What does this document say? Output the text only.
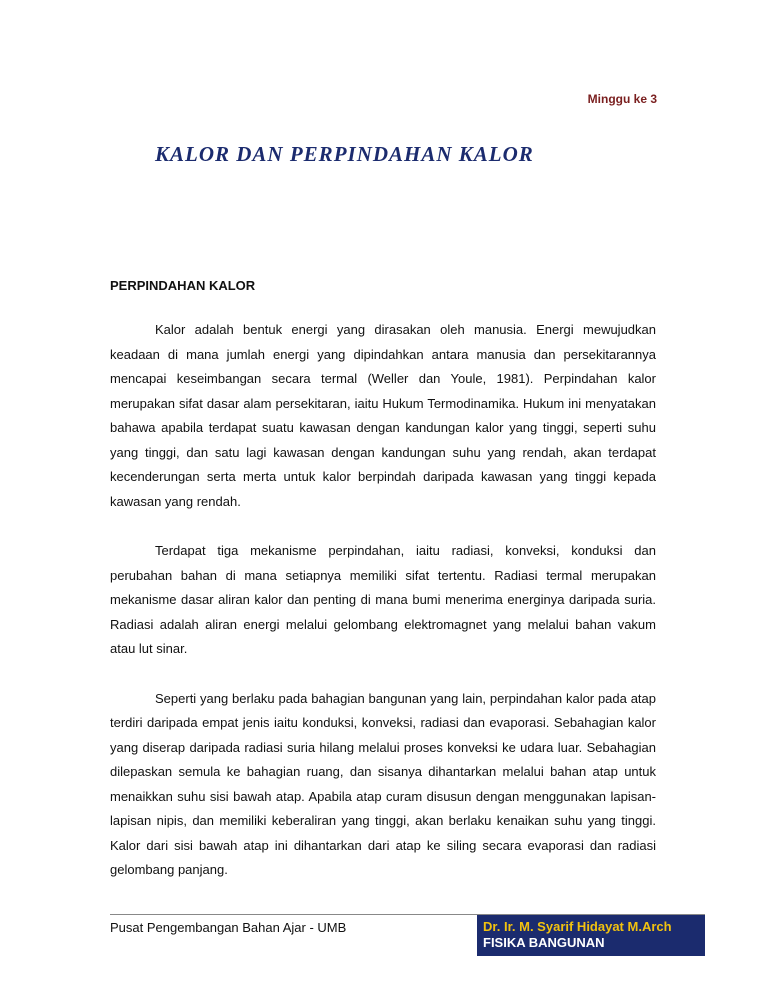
Minggu ke 3

KALOR DAN PERPINDAHAN KALOR
PERPINDAHAN KALOR

Kalor adalah bentuk energi yang dirasakan oleh manusia. Energi mewujudkan keadaan di mana jumlah energi yang dipindahkan antara manusia dan persekitarannya mencapai keseimbangan secara termal (Weller dan Youle, 1981). Perpindahan kalor merupakan sifat dasar alam persekitaran, iaitu Hukum Termodinamika. Hukum ini menyatakan bahawa apabila terdapat suatu kawasan dengan kandungan kalor yang tinggi, seperti suhu yang tinggi, dan satu lagi kawasan dengan kandungan suhu yang rendah, akan terdapat kecenderungan serta merta untuk kalor berpindah daripada kawasan yang tinggi kepada kawasan yang rendah.

Terdapat tiga mekanisme perpindahan, iaitu radiasi, konveksi, konduksi dan perubahan bahan di mana setiapnya memiliki sifat tertentu. Radiasi termal merupakan mekanisme dasar aliran kalor dan penting di mana bumi menerima energinya daripada suria. Radiasi adalah aliran energi melalui gelombang elektromagnet yang melalui bahan vakum atau lut sinar.

Seperti yang berlaku pada bahagian bangunan yang lain, perpindahan kalor pada atap terdiri daripada empat jenis iaitu konduksi, konveksi, radiasi dan evaporasi. Sebahagian kalor yang diserap daripada radiasi suria hilang melalui proses konveksi ke udara luar. Sebahagian dilepaskan semula ke bahagian ruang, dan sisanya dihantarkan melalui bahan atap untuk menaikkan suhu sisi bawah atap. Apabila atap curam disusun dengan menggunakan lapisan-lapisan nipis, dan memiliki keberaliran yang tinggi, akan berlaku kenaikan suhu yang tinggi. Kalor dari sisi bawah atap ini dihantarkan dari atap ke siling secara evaporasi dan radiasi gelombang panjang.

Pusat Pengembangan Bahan Ajar - UMB	Dr. Ir. M. Syarif Hidayat M.Arch
FISIKA BANGUNAN
